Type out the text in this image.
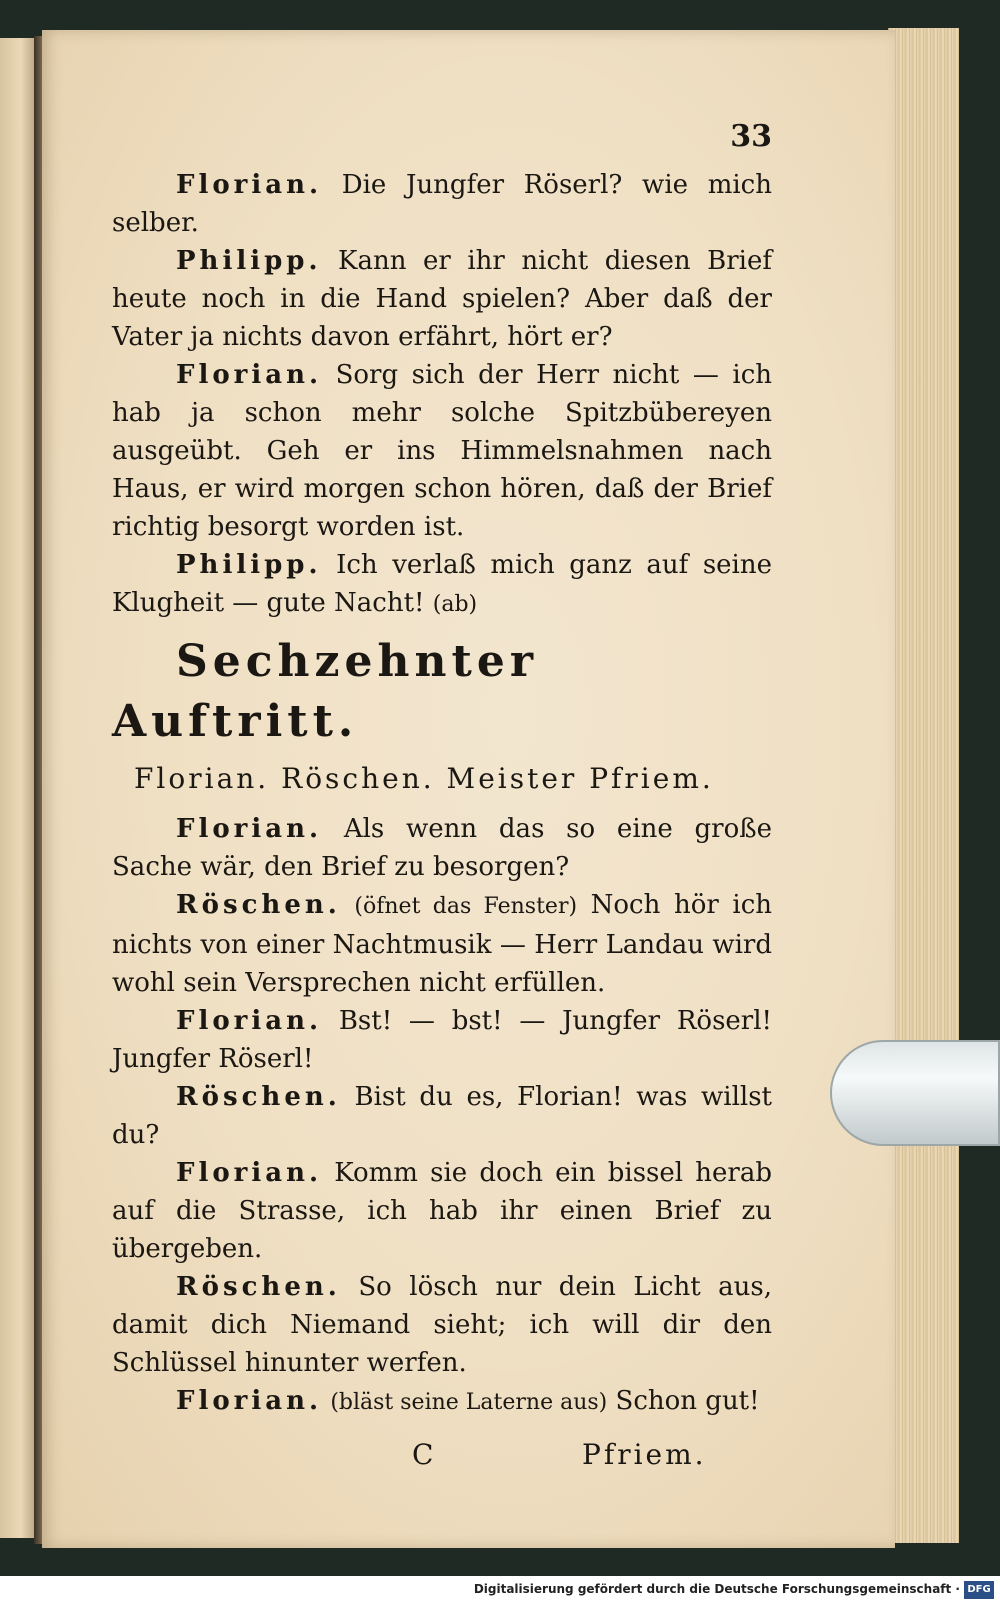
33

Florian. Die Jungfer Röserl? wie mich selber.

Philipp. Kann er ihr nicht diesen Brief heute noch in die Hand spielen? Aber daß der Vater ja nichts davon erfährt, hört er?

Florian. Sorg sich der Herr nicht — ich hab ja schon mehr solche Spitzbübereyen ausgeübt. Geh er ins Himmelsnahmen nach Haus, er wird morgen schon hören, daß der Brief richtig besorgt worden ist.

Philipp. Ich verlaß mich ganz auf seine Klugheit — gute Nacht! (ab)

Sechzehnter Auftritt.
Florian. Röschen. Meister Pfriem.

Florian. Als wenn das so eine große Sache wär, den Brief zu besorgen?

Röschen. (öfnet das Fenster) Noch hör ich nichts von einer Nachtmusik — Herr Landau wird wohl sein Versprechen nicht erfüllen.

Florian. Bst! — bst! — Jungfer Röserl! Jungfer Röserl!

Röschen. Bist du es, Florian! was willst du?

Florian. Komm sie doch ein bissel herab auf die Strasse, ich hab ihr einen Brief zu übergeben.

Röschen. So lösch nur dein Licht aus, damit dich Niemand sieht; ich will dir den Schlüssel hinunter werfen.

Florian. (bläst seine Laterne aus) Schon gut!

C	Pfriem.
Digitalisierung gefördert durch die Deutsche Forschungsgemeinschaft · DFG
